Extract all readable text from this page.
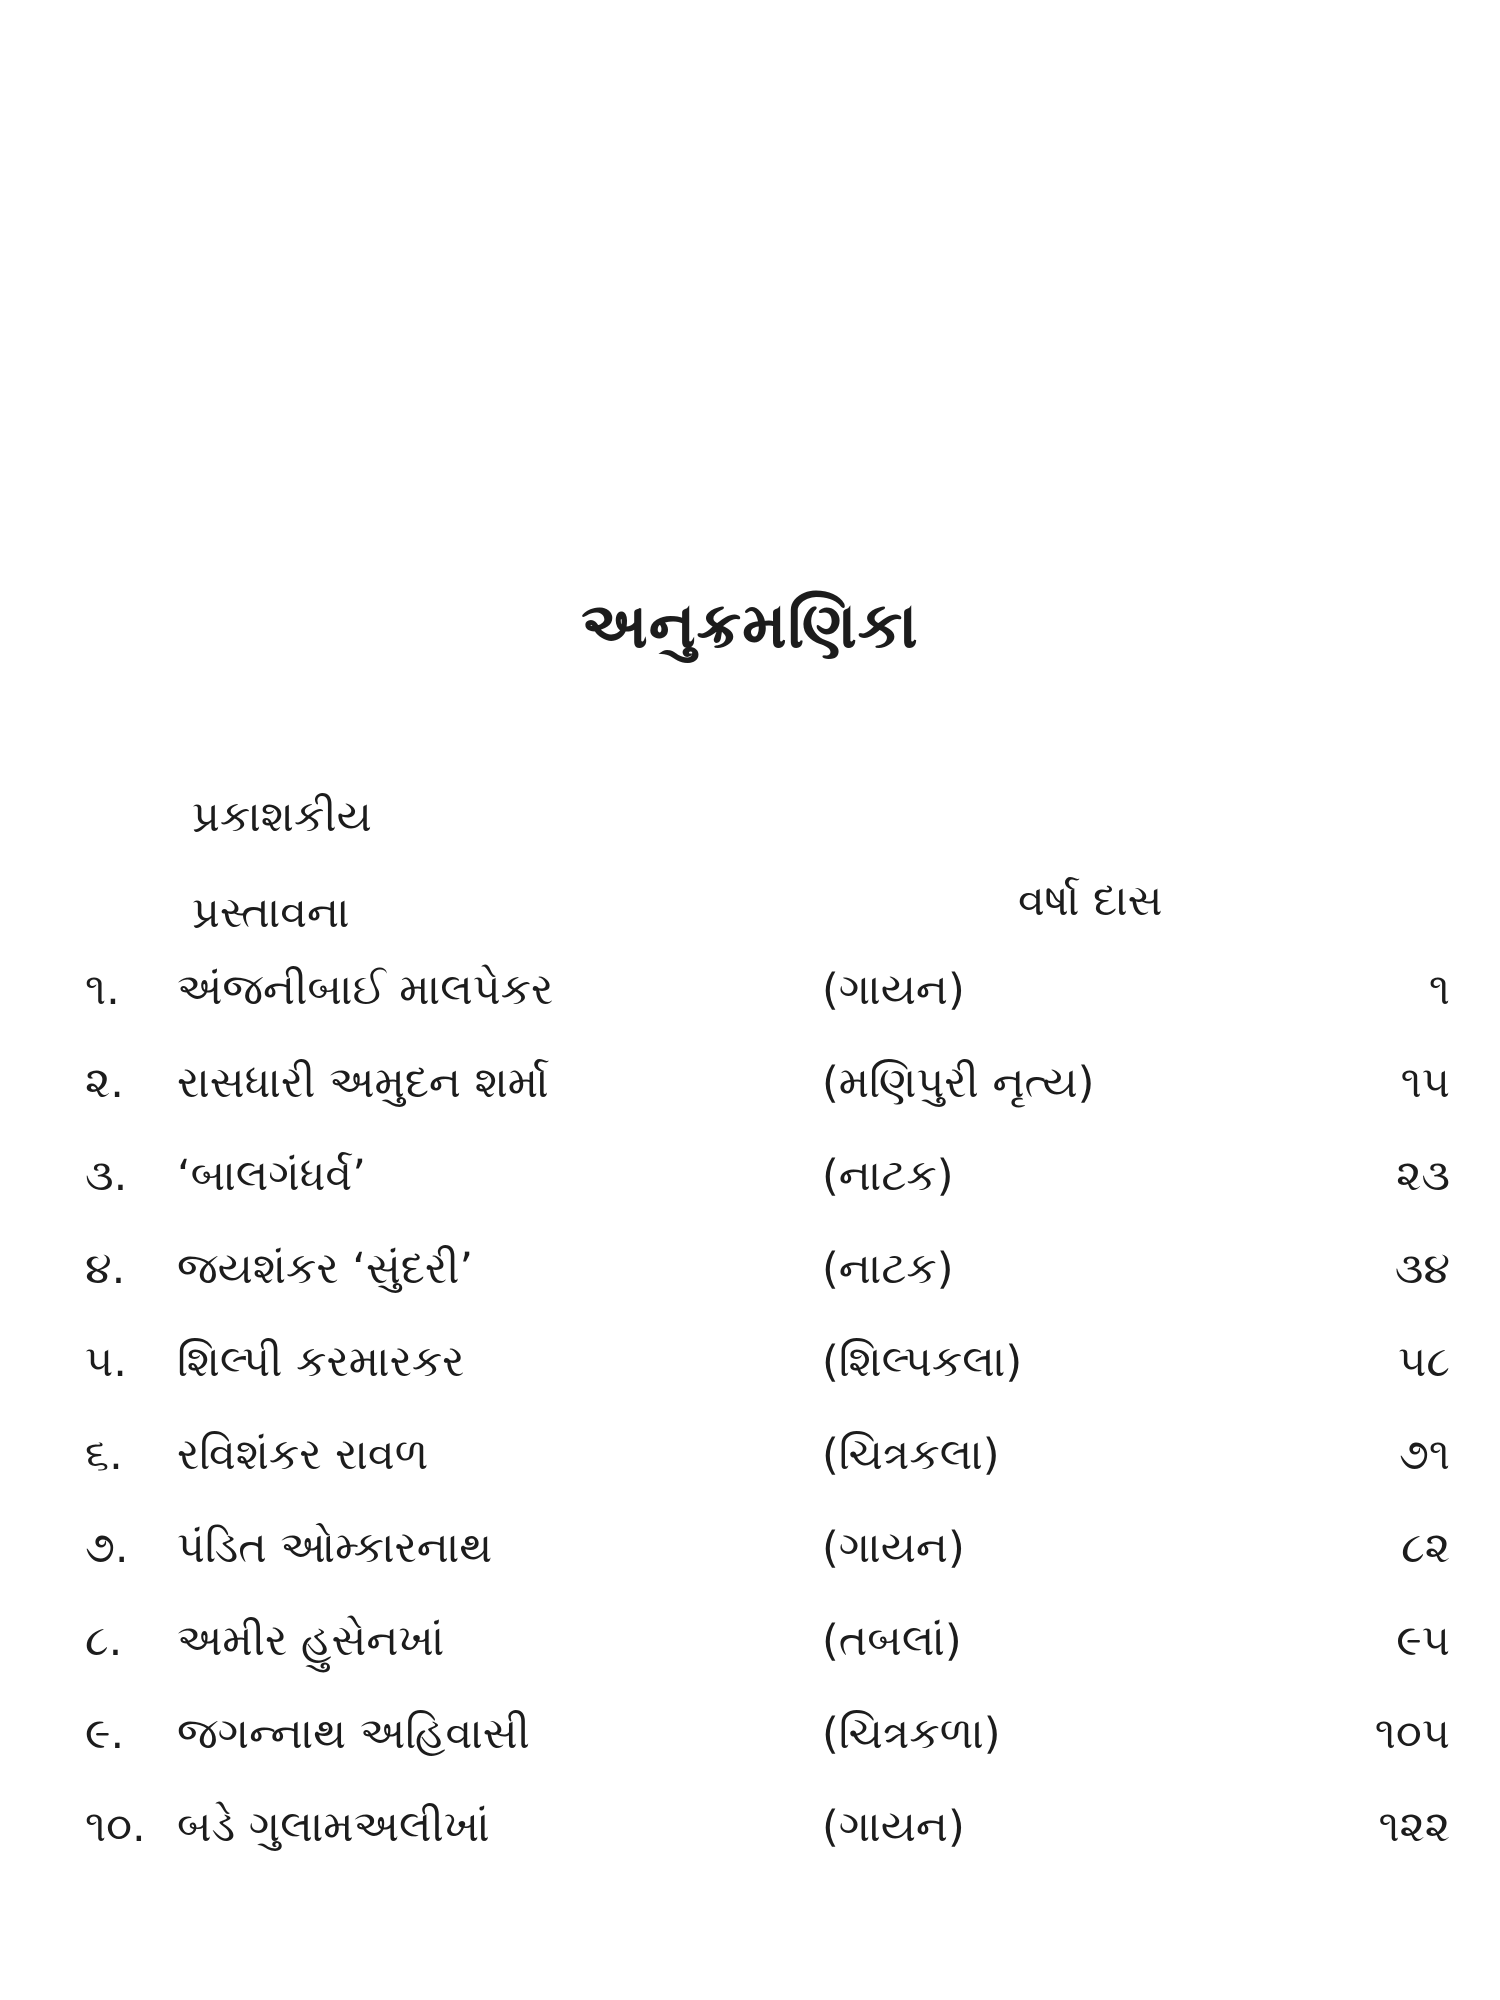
અનુક્રમણિકા
પ્રકાશકીય
પ્રસ્તાવના	વર્ષા દાસ
૧.	અંજનીબાઈ માલપેકર	(ગાયન)	૧
૨.	રાસધારી અમુદન શર્મા	(મણિપુરી નૃત્ય)	૧૫
૩.	‘બાલગંધર્વ’	(નાટક)	૨૩
૪.	જયશંકર ‘સુંદરી’	(નાટક)	૩૪
૫.	શિલ્પી કરમારકર	(શિલ્પકલા)	૫૮
૬.	રવિશંકર રાવળ	(ચિત્રકલા)	૭૧
૭.	પંડિત ઓમ્કારનાથ	(ગાયન)	૮૨
૮.	અમીર હુસેનખાં	(તબલાં)	૯૫
૯.	જગન્નાથ અહિવાસી	(ચિત્રકળા)	૧૦૫
૧૦. બડે ગુલામઅલીખાં	(ગાયન)	૧૨૨
